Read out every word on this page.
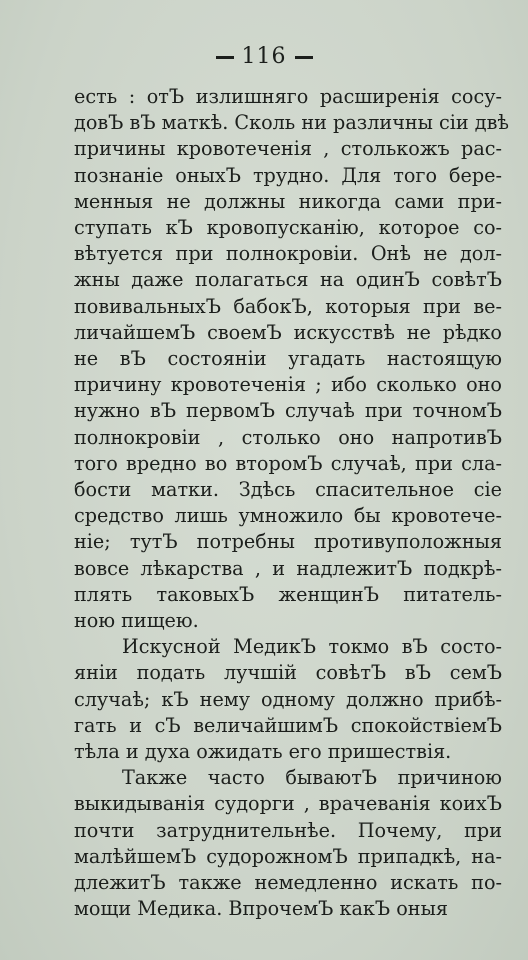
116

есть : отЪ излишняго расширенія сосу-
довЪ вЪ маткѣ. Сколь ни различны сіи двѣ
причины кровотеченія , столькожъ рас-
познаніе оныхЪ трудно. Для того бере-
менныя не должны никогда сами при-
ступать кЪ кровопусканію, которое со-
вѣтуется при полнокровіи. Онѣ не дол-
жны даже полагаться на одинЪ совѣтЪ
повивальныхЪ бабокЪ, которыя при ве-
личайшемЪ своемЪ искусствѣ не рѣдко
не вЪ состояніи угадать настоящую
причину кровотеченія ; ибо сколько оно
нужно вЪ первомЪ случаѣ при точномЪ
полнокровіи , столько оно напротивЪ
того вредно во второмЪ случаѣ, при сла-
бости матки. Здѣсь спасительное сіе
средство лишь умножило бы кровотече-
ніе; тутЪ потребны противуположныя
вовсе лѣкарства , и надлежитЪ подкрѣ-
плять таковыхЪ женщинЪ питатель-
ною пищею.

Искусной МедикЪ токмо вЪ состо-
яніи подать лучшій совѣтЪ вЪ семЪ
случаѣ; кЪ нему одному должно прибѣ-
гать и сЪ величайшимЪ спокойствіемЪ
тѣла и духа ожидать его пришествія.

Также часто бываютЪ причиною
выкидыванія судорги , врачеванія коихЪ
почти затруднительнѣе. Почему, при
малѣйшемЪ судорожномЪ припадкѣ, на-
длежитЪ также немедленно искать по-
мощи Медика. ВпрочемЪ какЪ оныя
